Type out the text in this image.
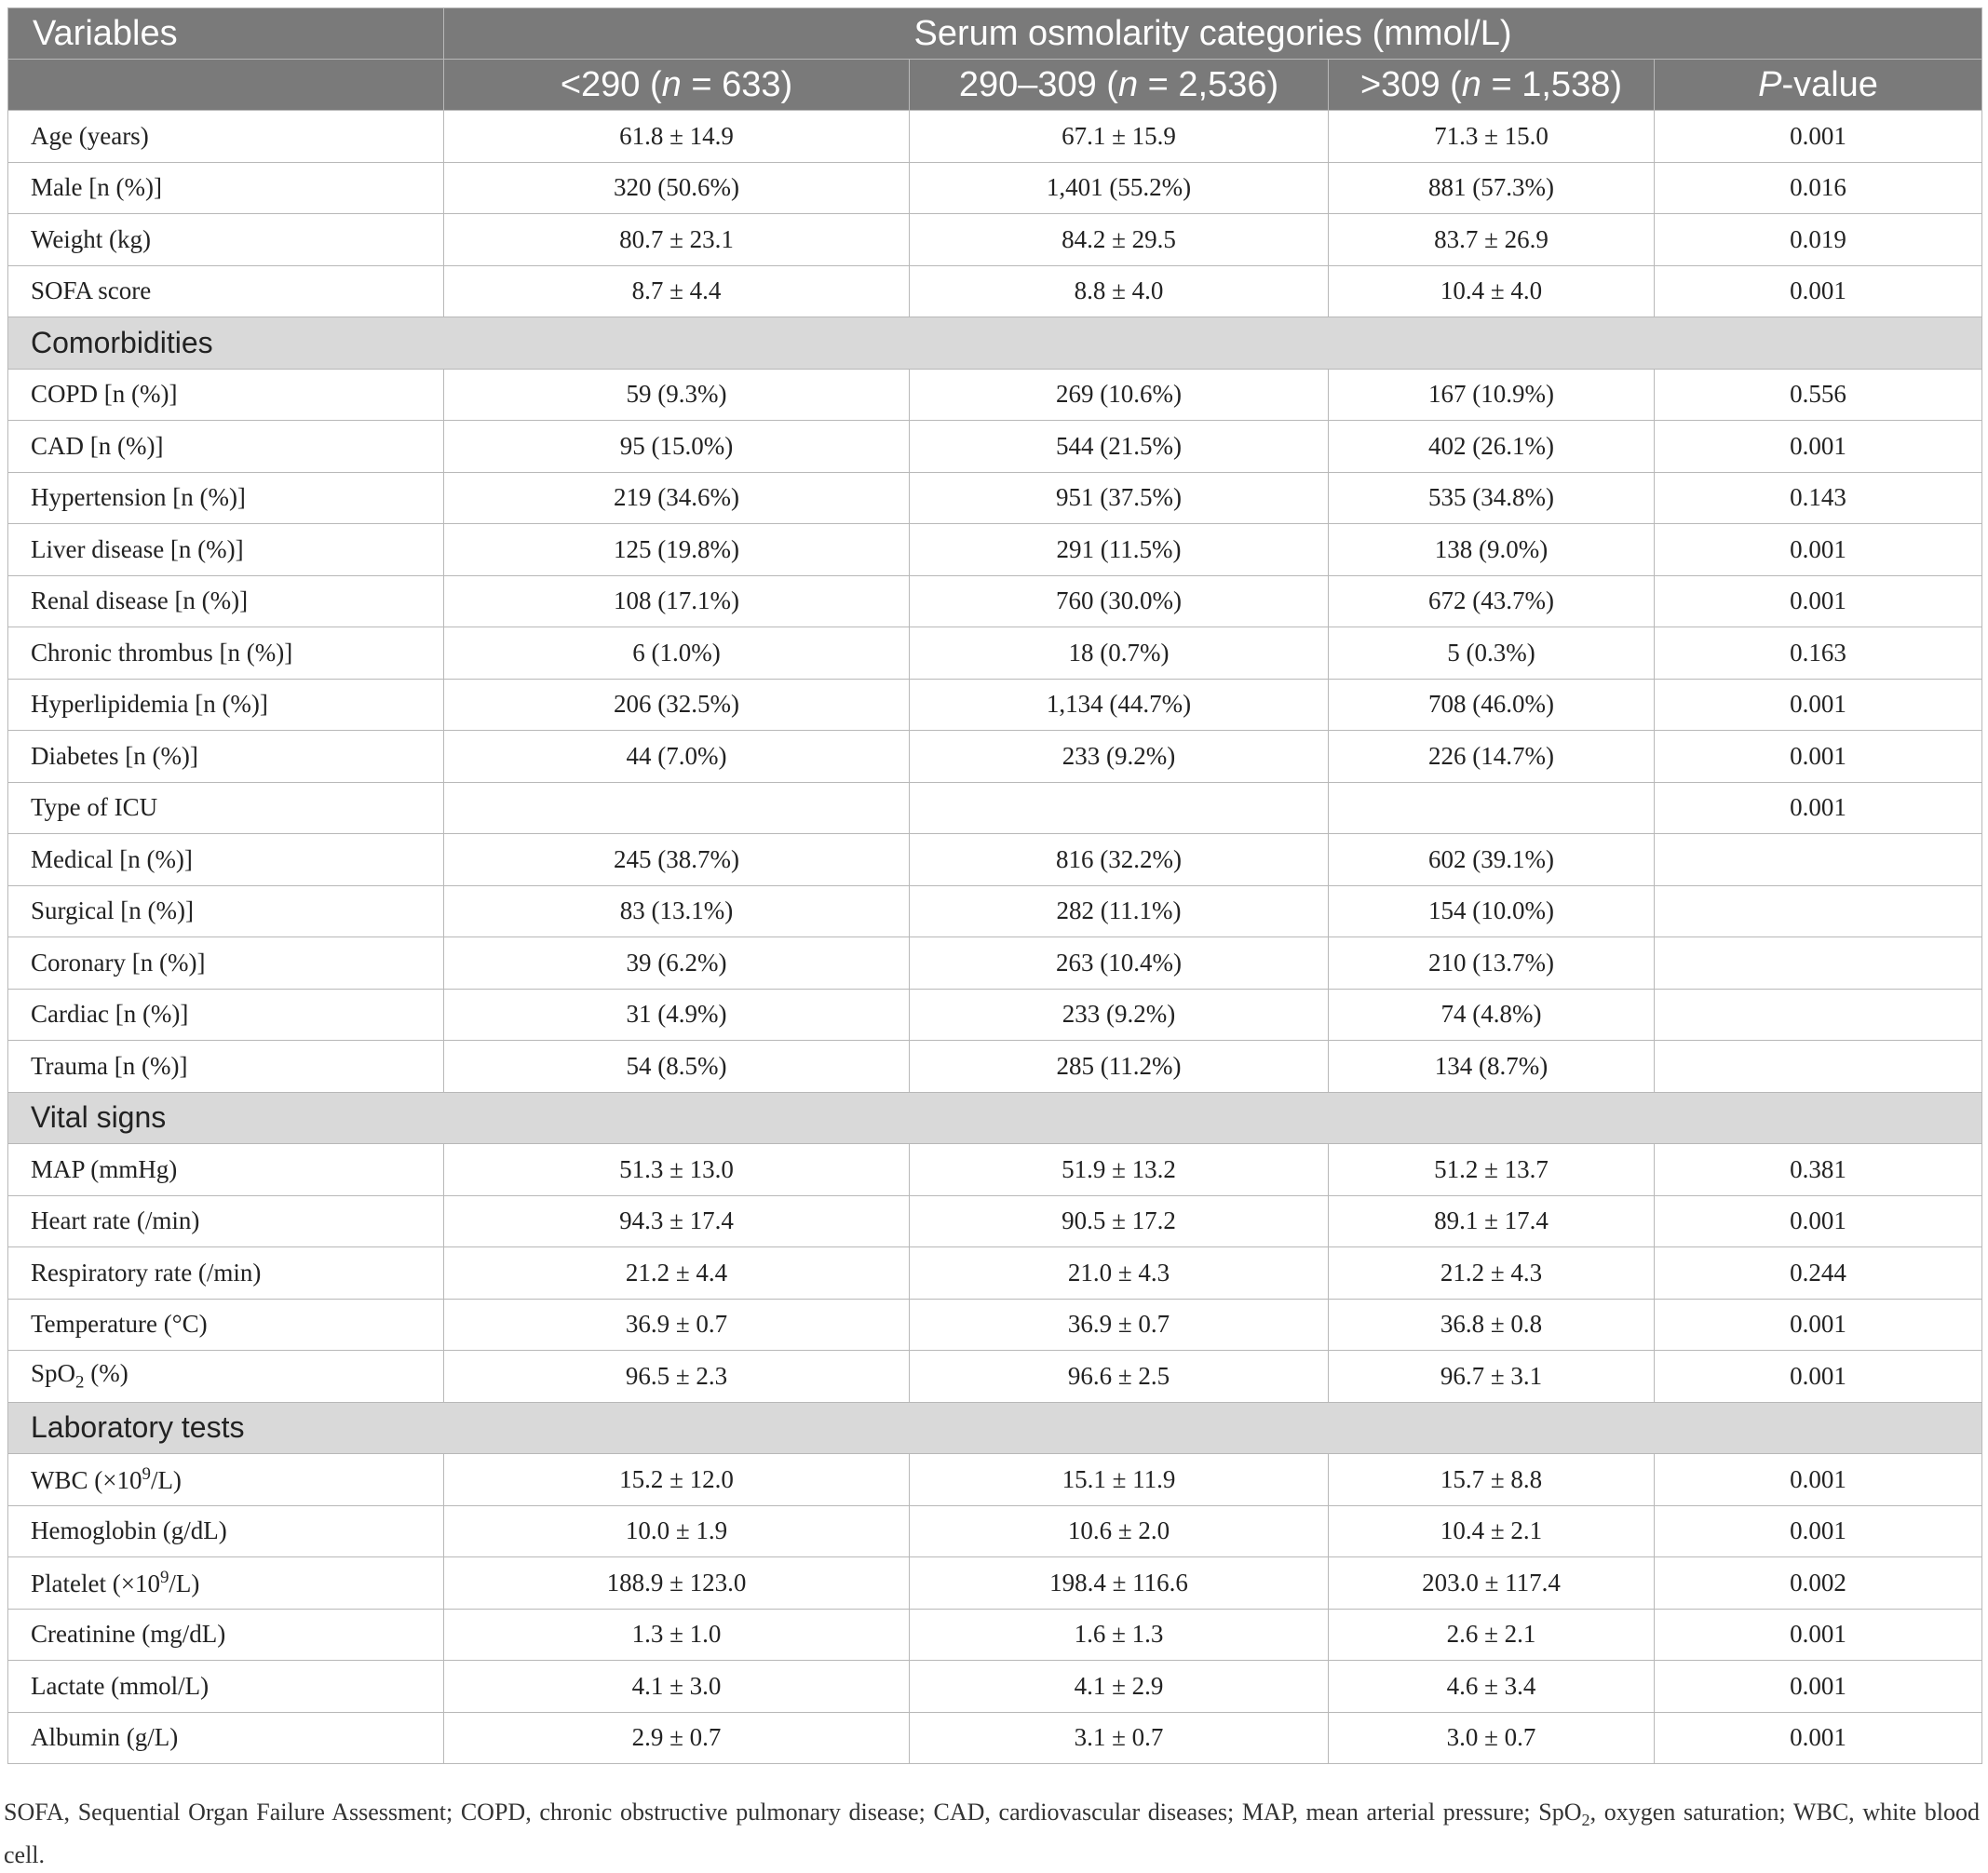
Variables	Serum osmolarity categories (mmol/L)			
	<290 (n = 633)	290–309 (n = 2,536)	>309 (n = 1,538)	P-value
Age (years)	61.8 ± 14.9	67.1 ± 15.9	71.3 ± 15.0	0.001
Male [n (%)]	320 (50.6%)	1,401 (55.2%)	881 (57.3%)	0.016
Weight (kg)	80.7 ± 23.1	84.2 ± 29.5	83.7 ± 26.9	0.019
SOFA score	8.7 ± 4.4	8.8 ± 4.0	10.4 ± 4.0	0.001
Comorbidities				
COPD [n (%)]	59 (9.3%)	269 (10.6%)	167 (10.9%)	0.556
CAD [n (%)]	95 (15.0%)	544 (21.5%)	402 (26.1%)	0.001
Hypertension [n (%)]	219 (34.6%)	951 (37.5%)	535 (34.8%)	0.143
Liver disease [n (%)]	125 (19.8%)	291 (11.5%)	138 (9.0%)	0.001
Renal disease [n (%)]	108 (17.1%)	760 (30.0%)	672 (43.7%)	0.001
Chronic thrombus [n (%)]	6 (1.0%)	18 (0.7%)	5 (0.3%)	0.163
Hyperlipidemia [n (%)]	206 (32.5%)	1,134 (44.7%)	708 (46.0%)	0.001
Diabetes [n (%)]	44 (7.0%)	233 (9.2%)	226 (14.7%)	0.001
Type of ICU				0.001
Medical [n (%)]	245 (38.7%)	816 (32.2%)	602 (39.1%)	
Surgical [n (%)]	83 (13.1%)	282 (11.1%)	154 (10.0%)	
Coronary [n (%)]	39 (6.2%)	263 (10.4%)	210 (13.7%)	
Cardiac [n (%)]	31 (4.9%)	233 (9.2%)	74 (4.8%)	
Trauma [n (%)]	54 (8.5%)	285 (11.2%)	134 (8.7%)	
Vital signs				
MAP (mmHg)	51.3 ± 13.0	51.9 ± 13.2	51.2 ± 13.7	0.381
Heart rate (/min)	94.3 ± 17.4	90.5 ± 17.2	89.1 ± 17.4	0.001
Respiratory rate (/min)	21.2 ± 4.4	21.0 ± 4.3	21.2 ± 4.3	0.244
Temperature (°C)	36.9 ± 0.7	36.9 ± 0.7	36.8 ± 0.8	0.001
SpO$_2$ (%)	96.5 ± 2.3	96.6 ± 2.5	96.7 ± 3.1	0.001
Laboratory tests				
WBC $(\times 10^9/L)$	15.2 ± 12.0	15.1 ± 11.9	15.7 ± 8.8	0.001
Hemoglobin (g/dL)	10.0 ± 1.9	10.6 ± 2.0	10.4 ± 2.1	0.001
Platelet $(\times 10^9/L)$	188.9 ± 123.0	198.4 ± 116.6	203.0 ± 117.4	0.002
Creatinine (mg/dL)	1.3 ± 1.0	1.6 ± 1.3	2.6 ± 2.1	0.001
Lactate (mmol/L)	4.1 ± 3.0	4.1 ± 2.9	4.6 ± 3.4	0.001
Albumin (g/L)	2.9 ± 0.7	3.1 ± 0.7	3.0 ± 0.7	0.001
SOFA, Sequential Organ Failure Assessment; COPD, chronic obstructive pulmonary disease; CAD, cardiovascular diseases; MAP, mean arterial pressure; SpO$_2$, oxygen saturation; WBC, white blood cell.
